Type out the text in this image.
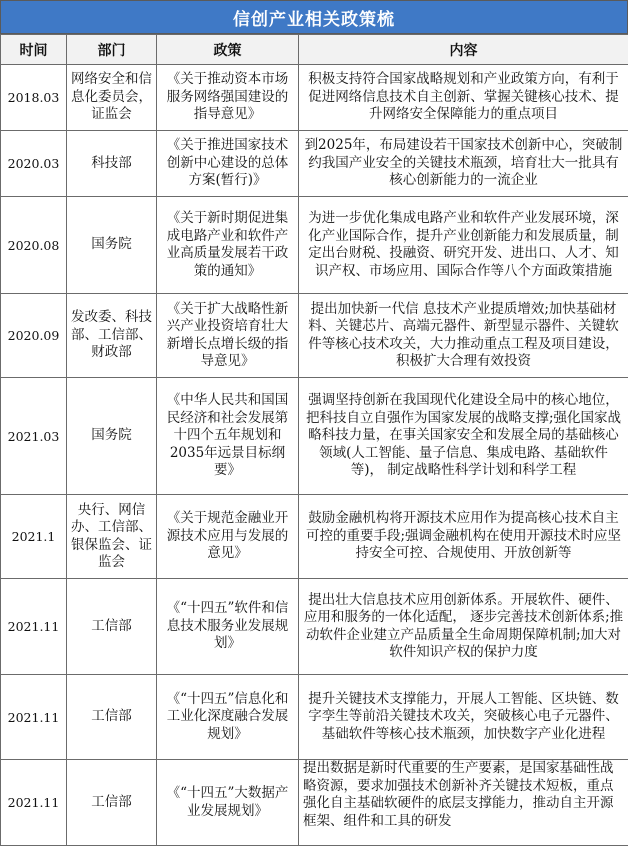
信创产业相关政策梳
时间	部门	政策	内容
2018.03	网络安全和信息化委员会，证监会	《关于推动资本市场服务网络强国建设的指导意见》	积极支持符合国家战略规划和产业政策方向，有利于促进网络信息技术自主创新、掌握关键核心技术、提升网络安全保障能力的重点项目
2020.03	科技部	《关于推进国家技术创新中心建设的总体方案(暂行)》	到2025年，布局建设若干国家技术创新中心，突破制约我国产业安全的关键技术瓶颈，培育壮大一批具有核心创新能力的一流企业
2020.08	国务院	《关于新时期促进集成电路产业和软件产业高质量发展若干政策的通知》	为进一步优化集成电路产业和软件产业发展环境，深化产业国际合作，提升产业创新能力和发展质量，制定出台财税、投融资、研究开发、进出口、人才、知识产权、市场应用、国际合作等八个方面政策措施
2020.09	发改委、科技部、工信部、财政部	《关于扩大战略性新兴产业投资培育壮大新增长点增长级的指导意见》	提出加快新一代信 息技术产业提质增效;加快基础材料、关键芯片、高端元器件、新型显示器件、关键软件等核心技术攻关，大力推动重点工程及项目建设，积极扩大合理有效投资
2021.03	国务院	《中华人民共和国国民经济和社会发展第十四个五年规划和2035年远景目标纲要》	强调坚持创新在我国现代化建设全局中的核心地位，把科技自立自强作为国家发展的战略支撑;强化国家战略科技力量，在事关国家安全和发展全局的基础核心领域(人工智能、量子信息、集成电路、基础软件等)， 制定战略性科学计划和科学工程
2021.1	央行、网信办、工信部、银保监会、证监会	《关于规范金融业开源技术应用与发展的意见》	鼓励金融机构将开源技术应用作为提高核心技术自主可控的重要手段;强调金融机构在使用开源技术时应坚持安全可控、合规使用、开放创新等
2021.11	工信部	《“十四五”软件和信息技术服务业发展规划》	提出壮大信息技术应用创新体系。开展软件、硬件、应用和服务的一体化适配， 逐步完善技术创新体系;推动软件企业建立产品质量全生命周期保障机制;加大对软件知识产权的保护力度
2021.11	工信部	《“十四五”信息化和工业化深度融合发展规划》	提升关键技术支撑能力，开展人工智能、区块链、数字孪生等前沿关键技术攻关，突破核心电子元器件、基础软件等核心技术瓶颈，加快数字产业化进程
2021.11	工信部	《“十四五”大数据产业发展规划》	提出数据是新时代重要的生产要素，是国家基础性战略资源，要求加强技术创新补齐关键技术短板，重点强化自主基础软硬件的底层支撑能力，推动自主开源框架、组件和工具的研发
